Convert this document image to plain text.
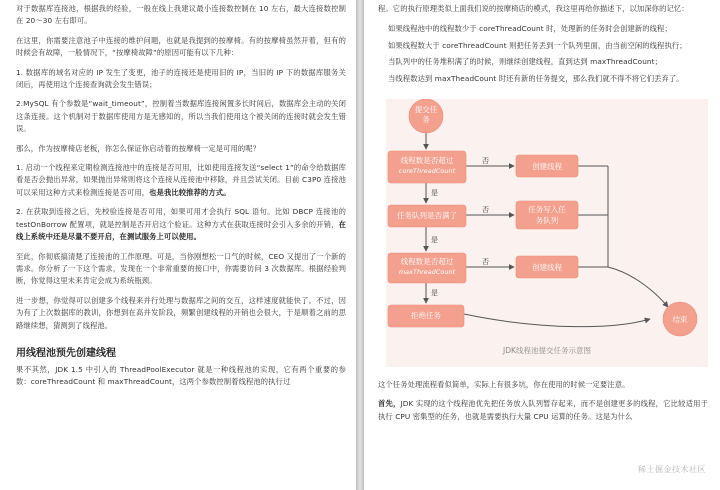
对于数据库连接池，根据我的经验，一般在线上我建议最小连接数控制在 10 左右，最大连接数控制在 20～30 左右即可。

在这里，你需要注意池子中连接的维护问题，也就是我提到的按摩椅。有的按摩椅虽然开着，但有的时候会有故障，一般情况下，“按摩椅故障”的原因可能有以下几种：

1. 数据库的域名对应的 IP 发生了变更，池子的连接还是使用旧的 IP，当旧的 IP 下的数据库服务关闭后，再使用这个连接查询就会发生错误；

2.MySQL 有个参数是“wait_timeout”，控制着当数据库连接闲置多长时间后，数据库会主动的关闭这条连接。这个机制对于数据库使用方是无感知的，所以当我们使用这个被关闭的连接时就会发生错误。

那么，作为按摩椅店老板，你怎么保证你启动着的按摩椅一定是可用的呢？

1. 启动一个线程来定期检测连接池中的连接是否可用，比如使用连接发送“select 1”的命令给数据库看是否会抛出异常，如果抛出异常则将这个连接从连接池中移除，并且尝试关闭。目前 C3P0 连接池可以采用这种方式来检测连接是否可用，也是我比较推荐的方式。

2. 在获取到连接之后，先校验连接是否可用，如果可用才会执行 SQL 语句。比如 DBCP 连接池的 testOnBorrow 配置项，就是控制是否开启这个验证。这种方式在获取连接时会引入多余的开销，在线上系统中还是尽量不要开启，在测试服务上可以使用。

至此，你彻底搞清楚了连接池的工作原理。可是，当你刚想松一口气的时候，CEO 又提出了一个新的需求。你分析了一下这个需求，发现在一个非常重要的接口中，你需要访问 3 次数据库。根据经验判断，你觉得这里未来肯定会成为系统瓶颈。

进一步想，你觉得可以创建多个线程来并行处理与数据库之间的交互，这样速度就能快了。不过，因为有了上次数据库的教训，你想到在高并发阶段，频繁创建线程的开销也会很大，于是顺着之前的思路继续想，猜测到了线程池。

用线程池预先创建线程

果不其然，JDK 1.5 中引入的 ThreadPoolExecutor 就是一种线程池的实现，它有两个重要的参数：coreThreadCount 和 maxThreadCount，这两个参数控制着线程池的执行过

程。它的执行原理类似上面我们说的按摩椅店的模式，我这里再给你描述下，以加深你的记忆：

如果线程池中的线程数少于 coreThreadCount 时，处理新的任务时会创建新的线程；

如果线程数大于 coreThreadCount 则把任务丢到一个队列里面，由当前空闲的线程执行；

当队列中的任务堆积满了的时候，则继续创建线程，直到达到 maxThreadCount；

当线程数达到 maxTheadCount 时还有新的任务提交，那么我们就不得不将它们丢弃了。

提交任务
线程数是否超过
coreThreadCount
任务队列是否满了
线程数是否超过
maxThreadCount
创建线程
任务写入任务队列
创建线程
拒绝任务	结束
否
否
否
是
是
是
JDK线程池提交任务示意图

这个任务处理流程看似简单，实际上有很多坑，你在使用的时候一定要注意。

首先，JDK 实现的这个线程池优先把任务放入队列暂存起来，而不是创建更多的线程，它比较适用于执行 CPU 密集型的任务，也就是需要执行大量 CPU 运算的任务。这是为什么

稀土掘金技术社区
